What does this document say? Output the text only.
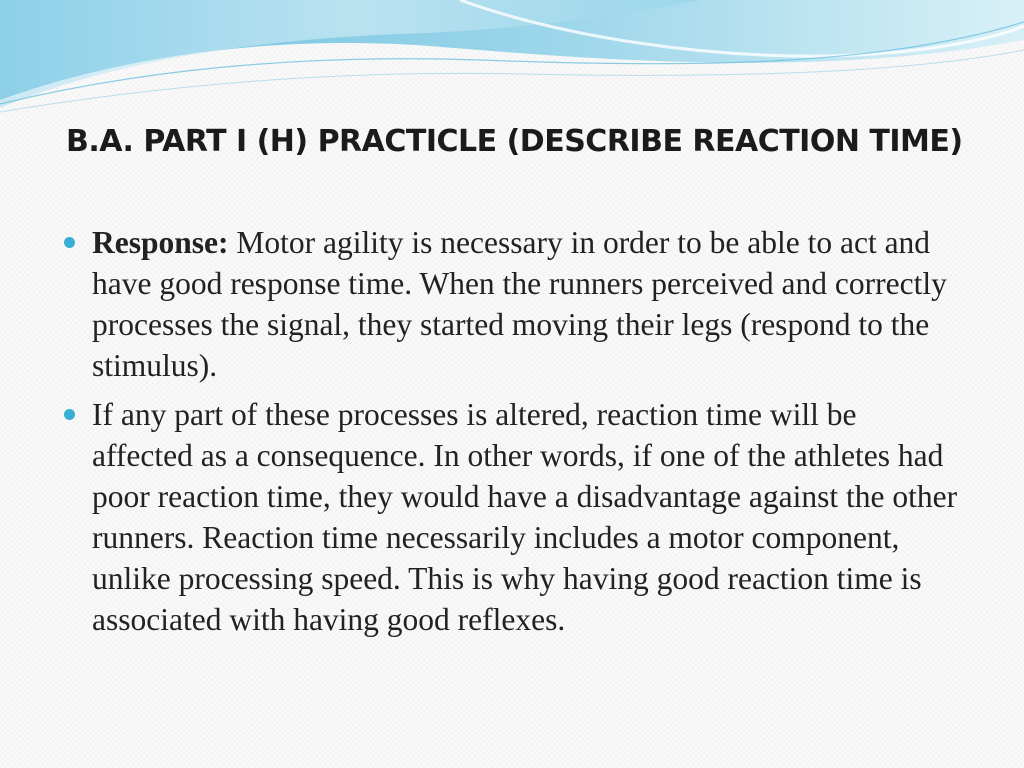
B.A. PART I (H) PRACTICLE (DESCRIBE REACTION TIME)
Response: Motor agility is necessary in order to be able to act and have good response time. When the runners perceived and correctly processes the signal, they started moving their legs (respond to the stimulus).
If any part of these processes is altered, reaction time will be affected as a consequence. In other words, if one of the athletes had poor reaction time, they would have a disadvantage against the other runners. Reaction time necessarily includes a motor component, unlike processing speed. This is why having good reaction time is associated with having good reflexes.
